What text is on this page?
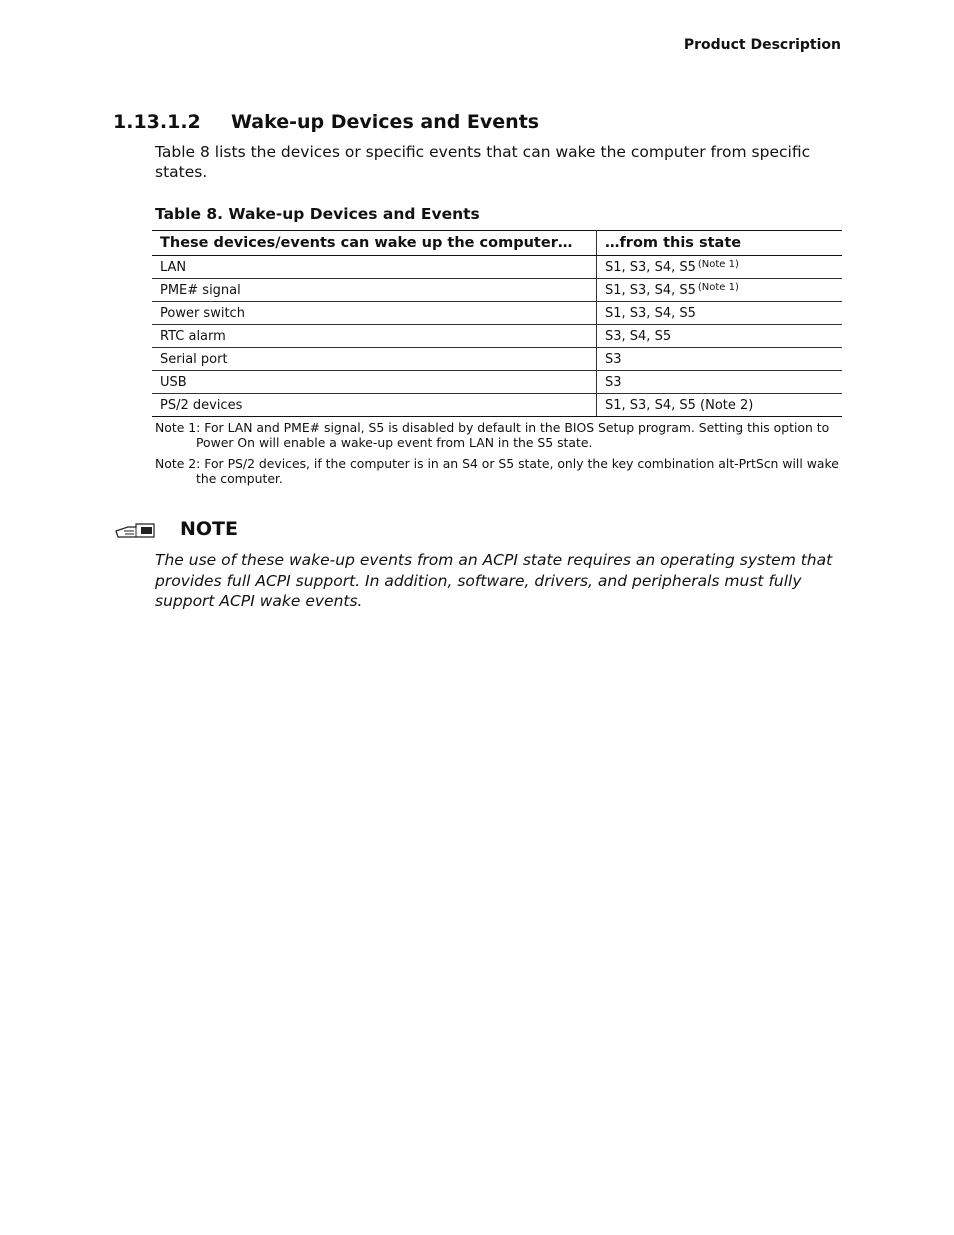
Product Description
1.13.1.2 Wake-up Devices and Events
Table 8 lists the devices or specific events that can wake the computer from specific states.
Table 8. Wake-up Devices and Events
These devices/events can wake up the computer…	…from this state
LAN	S1, S3, S4, S5 $^{(Note 1)}$
PME# signal	S1, S3, S4, S5 $^{(Note 1)}$
Power switch	S1, S3, S4, S5
RTC alarm	S3, S4, S5
Serial port	S3
USB	S3
PS/2 devices	S1, S3, S4, S5 (Note 2)
Note 1: For LAN and PME# signal, S5 is disabled by default in the BIOS Setup program. Setting this option to Power On will enable a wake-up event from LAN in the S5 state.
Note 2: For PS/2 devices, if the computer is in an S4 or S5 state, only the key combination alt-PrtScn will wake the computer.
NOTE
The use of these wake-up events from an ACPI state requires an operating system that provides full ACPI support. In addition, software, drivers, and peripherals must fully support ACPI wake events.
